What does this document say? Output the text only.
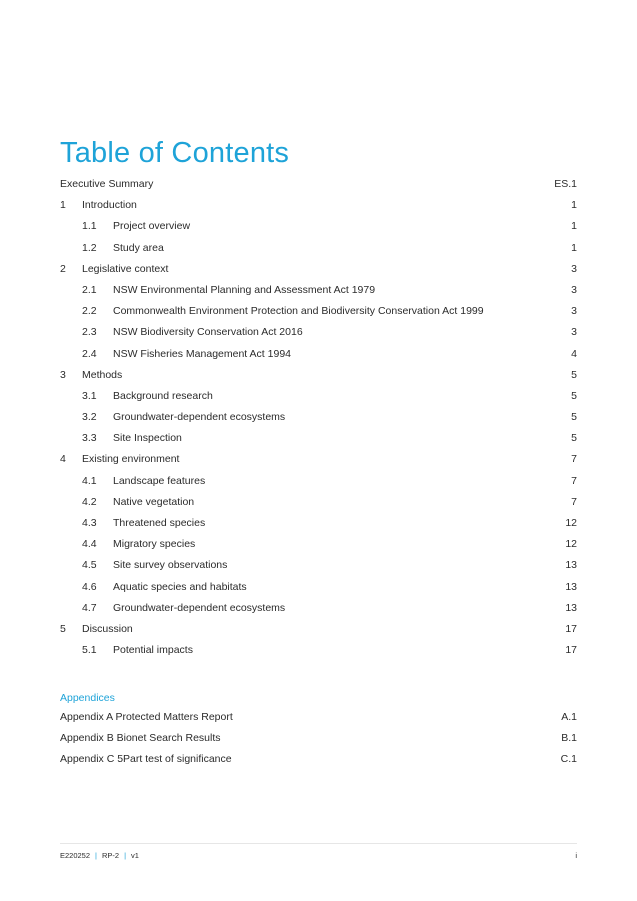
Table of Contents
Executive Summary	ES.1
1	Introduction	1
1.1	Project overview	1
1.2	Study area	1
2	Legislative context	3
2.1	NSW Environmental Planning and Assessment Act 1979	3
2.2	Commonwealth Environment Protection and Biodiversity Conservation Act 1999	3
2.3	NSW Biodiversity Conservation Act 2016	3
2.4	NSW Fisheries Management Act 1994	4
3	Methods	5
3.1	Background research	5
3.2	Groundwater-dependent ecosystems	5
3.3	Site Inspection	5
4	Existing environment	7
4.1	Landscape features	7
4.2	Native vegetation	7
4.3	Threatened species	12
4.4	Migratory species	12
4.5	Site survey observations	13
4.6	Aquatic species and habitats	13
4.7	Groundwater-dependent ecosystems	13
5	Discussion	17
5.1	Potential impacts	17
Appendices
Appendix A Protected Matters Report	A.1
Appendix B Bionet Search Results	B.1
Appendix C 5Part test of significance	C.1
E220252 | RP-2 | v1	i
